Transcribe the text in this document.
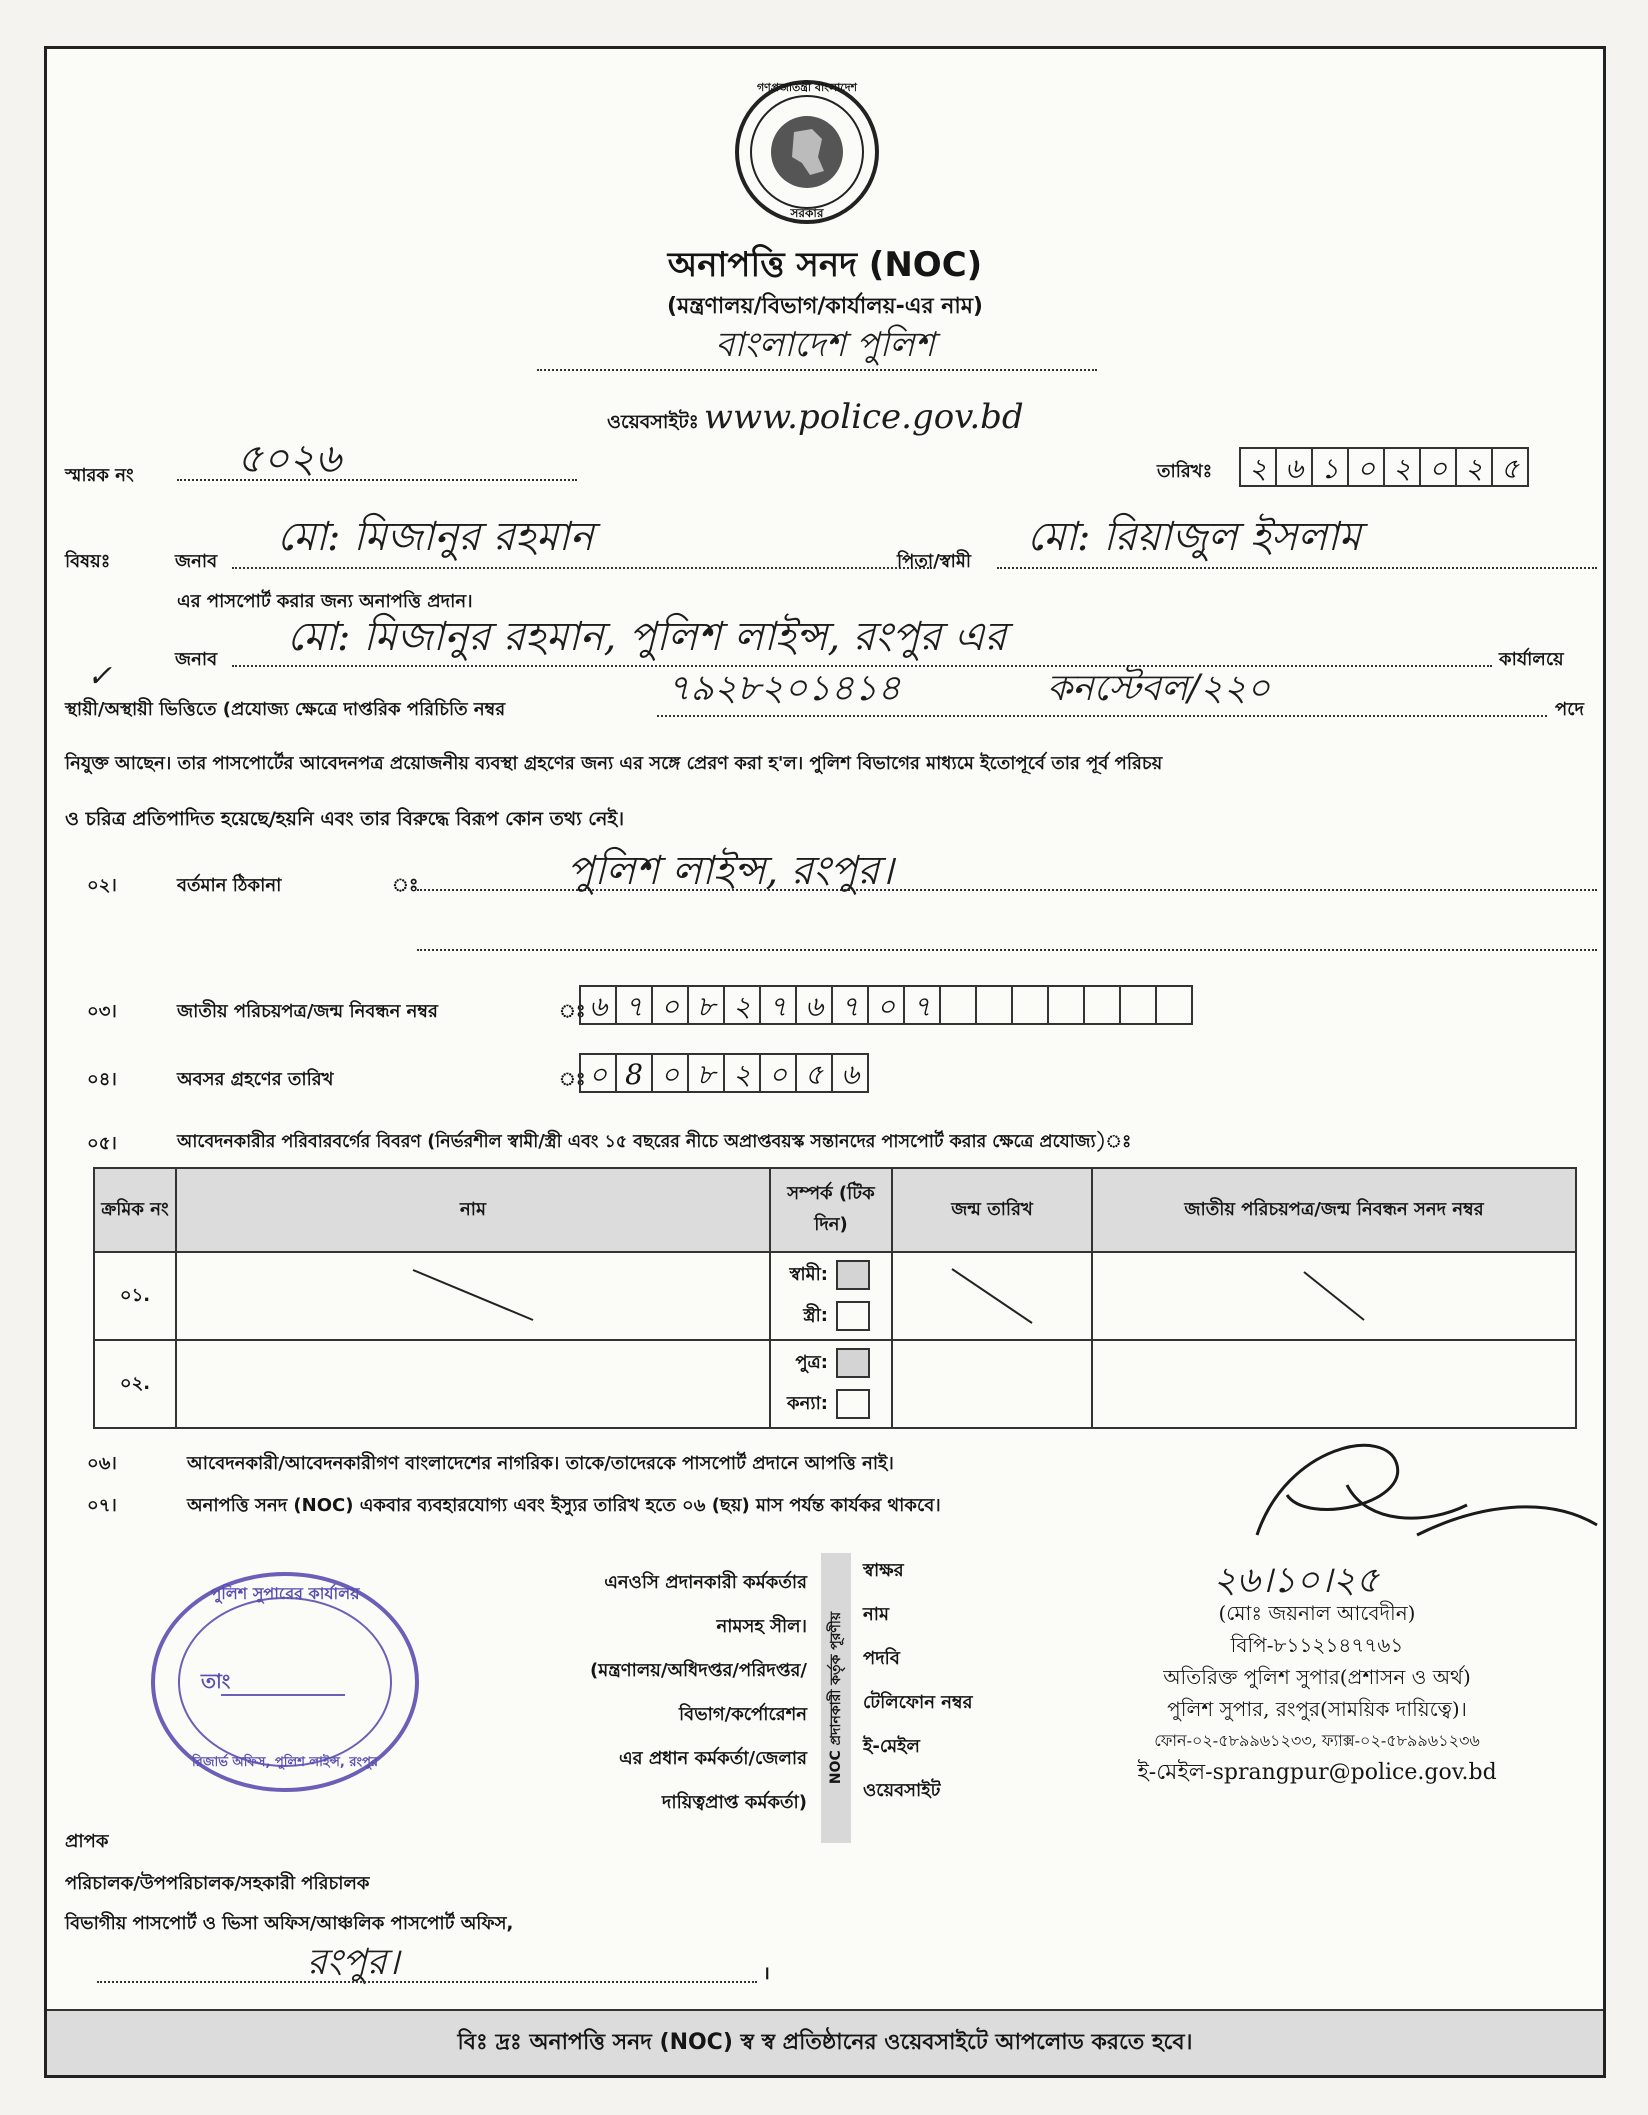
গণপ্রজাতন্ত্রী বাংলাদেশ
সরকার
অনাপত্তি সনদ (NOC)
(মন্ত্রণালয়/বিভাগ/কার্যালয়-এর নাম)
বাংলাদেশ পুলিশ
ওয়েবসাইটঃ www.police.gov.bd
স্মারক নং	৫০২৬	তারিখঃ	২ ৬ ১ ০ ২ ০ ২ ৫
বিষয়ঃ	জনাব
মো: মিজানুর রহমান
পিতা/স্বামী
মো: রিয়াজুল ইসলাম
এর পাসপোর্ট করার জন্য অনাপত্তি প্রদান।
জনাব মো: মিজানুর রহমান, পুলিশ লাইন্স, রংপুর এর	কার্যালয়ে
✓
স্থায়ী/অস্থায়ী ভিত্তিতে (প্রযোজ্য ক্ষেত্রে দাপ্তরিক পরিচিতি নম্বর
৭৯২৮২০১৪১৪	কনস্টেবল/২২০
পদে
নিযুক্ত আছেন। তার পাসপোর্টের আবেদনপত্র প্রয়োজনীয় ব্যবস্থা গ্রহণের জন্য এর সঙ্গে প্রেরণ করা হ'ল। পুলিশ বিভাগের মাধ্যমে ইতোপূর্বে তার পূর্ব পরিচয়
ও চরিত্র প্রতিপাদিত হয়েছে/হয়নি এবং তার বিরুদ্ধে বিরূপ কোন তথ্য নেই।
০২।	বর্তমান ঠিকানা	ঃ	পুলিশ লাইন্স, রংপুর।
০৩।	জাতীয় পরিচয়পত্র/জন্ম নিবন্ধন নম্বর	ঃ ৬ ৭ ০ ৮ ২ ৭ ৬ ৭ ০ ৭
০৪।	অবসর গ্রহণের তারিখ	ঃ ০ 8 ০ ৮ ২ ০ ৫ ৬
০৫।	আবেদনকারীর পরিবারবর্গের বিবরণ (নির্ভরশীল স্বামী/স্ত্রী এবং ১৫ বছরের নীচে অপ্রাপ্তবয়স্ক সন্তানদের পাসপোর্ট করার ক্ষেত্রে প্রযোজ্য)ঃ
ক্রমিক নং	নাম	সম্পর্ক (টিক দিন)	জন্ম তারিখ	জাতীয় পরিচয়পত্র/জন্ম নিবন্ধন সনদ নম্বর
০১.		স্বামী:
স্ত্রী:

০২.		পুত্র:
কন্যা:		

০৬।	আবেদনকারী/আবেদনকারীগণ বাংলাদেশের নাগরিক। তাকে/তাদেরকে পাসপোর্ট প্রদানে আপত্তি নাই।
০৭।	অনাপত্তি সনদ (NOC) একবার ব্যবহারযোগ্য এবং ইস্যুর তারিখ হতে ০৬ (ছয়) মাস পর্যন্ত কার্যকর থাকবে।
পুলিশ সুপারের কার্যালয়
তাং
রিজার্ভ অফিস, পুলিশ লাইন্স, রংপুর
এনওসি প্রদানকারী কর্মকর্তার
নামসহ সীল।
(মন্ত্রণালয়/অধিদপ্তর/পরিদপ্তর/
বিভাগ/কর্পোরেশন
এর প্রধান কর্মকর্তা/জেলার
দায়িত্বপ্রাপ্ত কর্মকর্তা)
NOC প্রদানকারী কর্তৃক পূরণীয়
স্বাক্ষর
নাম
পদবি
টেলিফোন নম্বর
ই-মেইল
ওয়েবসাইট
২৬।১০।২৫
(মোঃ জয়নাল আবেদীন)
বিপি-৮১১২১৪৭৭৬১
অতিরিক্ত পুলিশ সুপার(প্রশাসন ও অর্থ)
পুলিশ সুপার, রংপুর(সাময়িক দায়িত্বে)।
ফোন-০২-৫৮৯৯৬১২৩৩, ফ্যাক্স-০২-৫৮৯৯৬১২৩৬
ই-মেইল-sprangpur@police.gov.bd
প্রাপক
পরিচালক/উপপরিচালক/সহকারী পরিচালক
বিভাগীয় পাসপোর্ট ও ভিসা অফিস/আঞ্চলিক পাসপোর্ট অফিস,
রংপুর।	।
বিঃ দ্রঃ অনাপত্তি সনদ (NOC) স্ব স্ব প্রতিষ্ঠানের ওয়েবসাইটে আপলোড করতে হবে।
